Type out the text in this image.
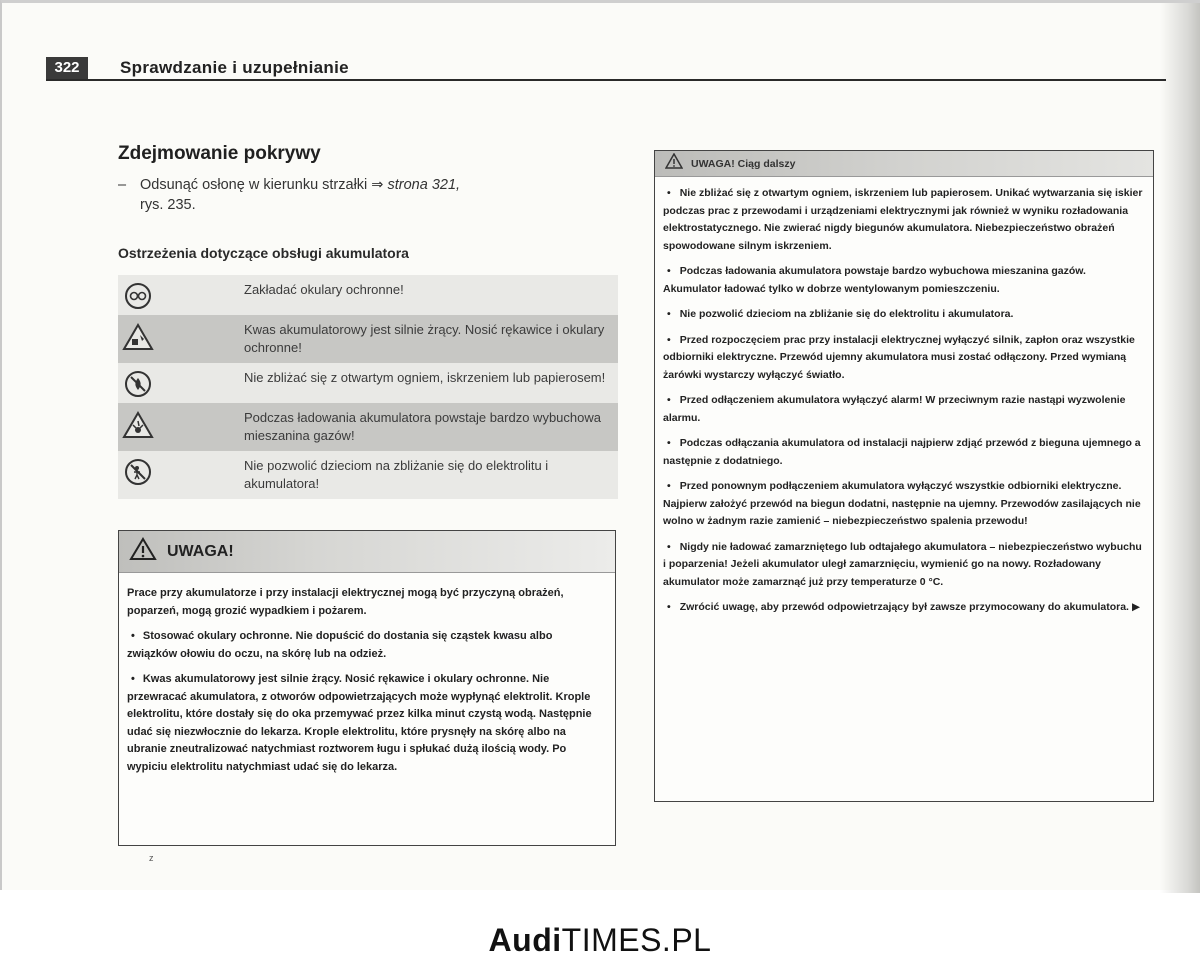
322	Sprawdzanie i uzupełnianie
Zdejmowanie pokrywy
– Odsunąć osłonę w kierunku strzałki ⇒ strona 321,
rys. 235.
Ostrzeżenia dotyczące obsługi akumulatora
Zakładać okulary ochronne!
Kwas akumulatorowy jest silnie żrący. Nosić rękawice i okulary ochronne!
Nie zbliżać się z otwartym ogniem, iskrzeniem lub papierosem!
Podczas ładowania akumulatora powstaje bardzo wybuchowa mieszanina gazów!
Nie pozwolić dzieciom na zbliżanie się do elektrolitu i akumulatora!
UWAGA!

Prace przy akumulatorze i przy instalacji elektrycznej mogą być przyczyną obrażeń, poparzeń, mogą grozić wypadkiem i pożarem.

• Stosować okulary ochronne. Nie dopuścić do dostania się cząstek kwasu albo związków ołowiu do oczu, na skórę lub na odzież.

• Kwas akumulatorowy jest silnie żrący. Nosić rękawice i okulary ochronne. Nie przewracać akumulatora, z otworów odpowietrzających może wypłynąć elektrolit. Krople elektrolitu, które dostały się do oka przemywać przez kilka minut czystą wodą. Następnie udać się niezwłocznie do lekarza. Krople elektrolitu, które prysnęły na skórę albo na ubranie zneutralizować natychmiast roztworem ługu i spłukać dużą ilością wody. Po wypiciu elektrolitu natychmiast udać się do lekarza.

UWAGA! Ciąg dalszy

• Nie zbliżać się z otwartym ogniem, iskrzeniem lub papierosem. Unikać wytwarzania się iskier podczas prac z przewodami i urządzeniami elektrycznymi jak również w wyniku rozładowania elektrostatycznego. Nie zwierać nigdy biegunów akumulatora. Niebezpieczeństwo obrażeń spowodowane silnym iskrzeniem.

• Podczas ładowania akumulatora powstaje bardzo wybuchowa mieszanina gazów. Akumulator ładować tylko w dobrze wentylowanym pomieszczeniu.

• Nie pozwolić dzieciom na zbliżanie się do elektrolitu i akumulatora.

• Przed rozpoczęciem prac przy instalacji elektrycznej wyłączyć silnik, zapłon oraz wszystkie odbiorniki elektryczne. Przewód ujemny akumulatora musi zostać odłączony. Przed wymianą żarówki wystarczy wyłączyć światło.

• Przed odłączeniem akumulatora wyłączyć alarm! W przeciwnym razie nastąpi wyzwolenie alarmu.

• Podczas odłączania akumulatora od instalacji najpierw zdjąć przewód z bieguna ujemnego a następnie z dodatniego.

• Przed ponownym podłączeniem akumulatora wyłączyć wszystkie odbiorniki elektryczne. Najpierw założyć przewód na biegun dodatni, następnie na ujemny. Przewodów zasilających nie wolno w żadnym razie zamienić – niebezpieczeństwo spalenia przewodu!

• Nigdy nie ładować zamarzniętego lub odtajałego akumulatora – niebezpieczeństwo wybuchu i poparzenia! Jeżeli akumulator uległ zamarznięciu, wymienić go na nowy. Rozładowany akumulator może zamarznąć już przy temperaturze 0 °C.

• Zwrócić uwagę, aby przewód odpowietrzający był zawsze przymocowany do akumulatora. ▶

z
AudiTIMES.PL
